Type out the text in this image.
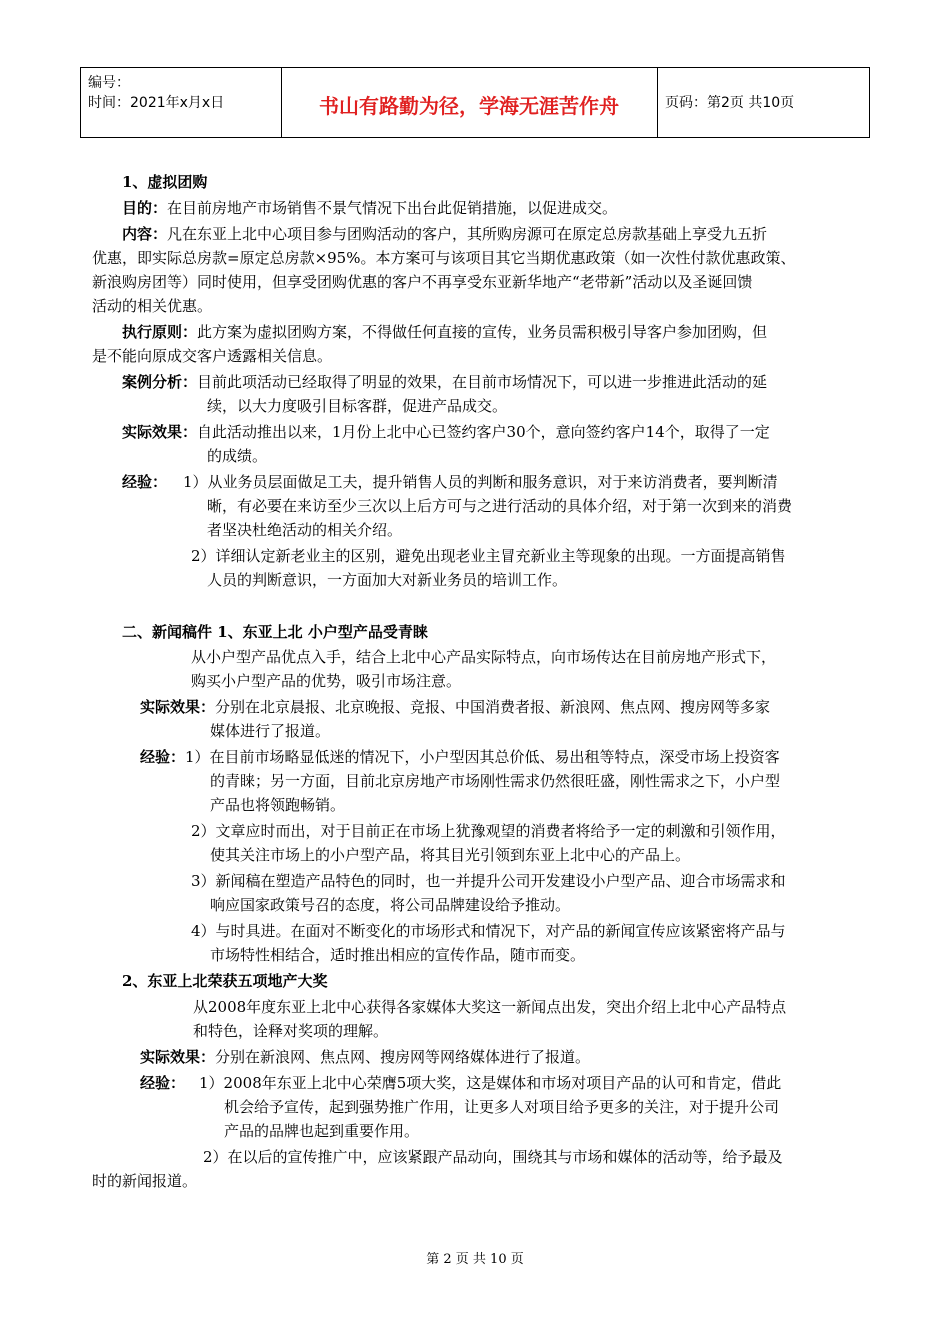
编号：
时间：2021年x月x日	书山有路勤为径，学海无涯苦作舟	页码：第2页 共10页
1、虚拟团购
目的：在目前房地产市场销售不景气情况下出台此促销措施，以促进成交。
内容：凡在东亚上北中心项目参与团购活动的客户，其所购房源可在原定总房款基础上享受九五折
优惠，即实际总房款=原定总房款×95%。本方案可与该项目其它当期优惠政策（如一次性付款优惠政策、
新浪购房团等）同时使用，但享受团购优惠的客户不再享受东亚新华地产“老带新”活动以及圣诞回馈
活动的相关优惠。
执行原则：此方案为虚拟团购方案，不得做任何直接的宣传，业务员需积极引导客户参加团购，但
是不能向原成交客户透露相关信息。
案例分析：目前此项活动已经取得了明显的效果，在目前市场情况下，可以进一步推进此活动的延
续，以大力度吸引目标客群，促进产品成交。
实际效果：自此活动推出以来，1月份上北中心已签约客户30个，意向签约客户14个，取得了一定
的成绩。
经验： 1）从业务员层面做足工夫，提升销售人员的判断和服务意识，对于来访消费者，要判断清
晰，有必要在来访至少三次以上后方可与之进行活动的具体介绍，对于第一次到来的消费
者坚决杜绝活动的相关介绍。
2）详细认定新老业主的区别，避免出现老业主冒充新业主等现象的出现。一方面提高销售
人员的判断意识，一方面加大对新业务员的培训工作。
二、新闻稿件 1、东亚上北 小户型产品受青睐
从小户型产品优点入手，结合上北中心产品实际特点，向市场传达在目前房地产形式下，
购买小户型产品的优势，吸引市场注意。
实际效果：分别在北京晨报、北京晚报、竞报、中国消费者报、新浪网、焦点网、搜房网等多家
媒体进行了报道。
经验：1）在目前市场略显低迷的情况下，小户型因其总价低、易出租等特点，深受市场上投资客
的青睐；另一方面，目前北京房地产市场刚性需求仍然很旺盛，刚性需求之下，小户型
产品也将领跑畅销。
2）文章应时而出，对于目前正在市场上犹豫观望的消费者将给予一定的刺激和引领作用，
使其关注市场上的小户型产品，将其目光引领到东亚上北中心的产品上。
3）新闻稿在塑造产品特色的同时，也一并提升公司开发建设小户型产品、迎合市场需求和
响应国家政策号召的态度，将公司品牌建设给予推动。
4）与时具进。在面对不断变化的市场形式和情况下，对产品的新闻宣传应该紧密将产品与
市场特性相结合，适时推出相应的宣传作品，随市而变。
2、东亚上北荣获五项地产大奖
从2008年度东亚上北中心获得各家媒体大奖这一新闻点出发，突出介绍上北中心产品特点
和特色，诠释对奖项的理解。
实际效果：分别在新浪网、焦点网、搜房网等网络媒体进行了报道。
经验： 1）2008年东亚上北中心荣膺5项大奖，这是媒体和市场对项目产品的认可和肯定，借此
机会给予宣传，起到强势推广作用，让更多人对项目给予更多的关注，对于提升公司
产品的品牌也起到重要作用。
2）在以后的宣传推广中，应该紧跟产品动向，围绕其与市场和媒体的活动等，给予最及
时的新闻报道。
第 2 页 共 10 页
